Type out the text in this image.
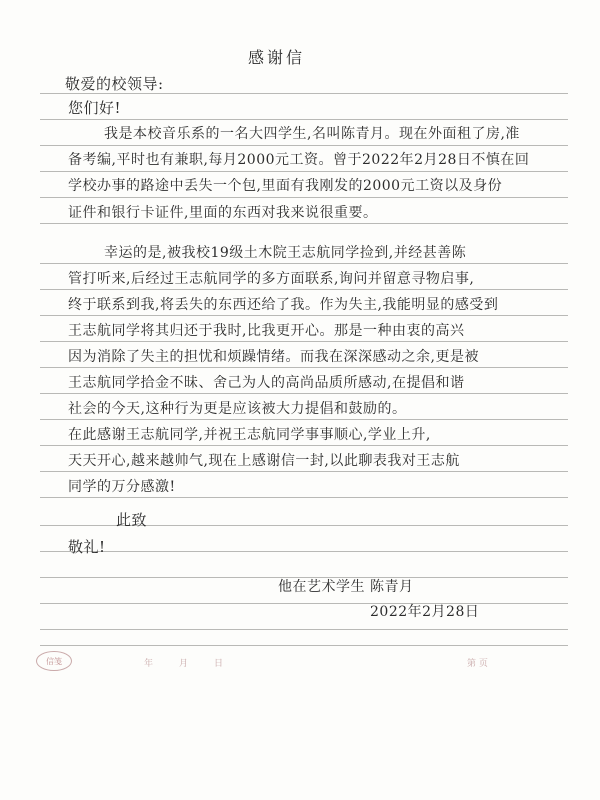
感谢信
敬爱的校领导:
您们好!
我是本校音乐系的一名大四学生,名叫陈青月。现在外面租了房,准
备考编,平时也有兼职,每月2000元工资。曾于2022年2月28日不慎在回
学校办事的路途中丢失一个包,里面有我刚发的2000元工资以及身份
证件和银行卡证件,里面的东西对我来说很重要。
幸运的是,被我校19级土木院王志航同学捡到,并经甚善陈
管打听来,后经过王志航同学的多方面联系,询问并留意寻物启事,
终于联系到我,将丢失的东西还给了我。作为失主,我能明显的感受到
王志航同学将其归还于我时,比我更开心。那是一种由衷的高兴
因为消除了失主的担忧和烦躁情绪。而我在深深感动之余,更是被
王志航同学拾金不昧、舍己为人的高尚品质所感动,在提倡和谐
社会的今天,这种行为更是应该被大力提倡和鼓励的。
在此感谢王志航同学,并祝王志航同学事事顺心,学业上升,
天天开心,越来越帅气,现在上感谢信一封,以此聊表我对王志航
同学的万分感激!
此致
敬礼!
他在艺术学生 陈青月
2022年2月28日
信笺	年月日	第 页
